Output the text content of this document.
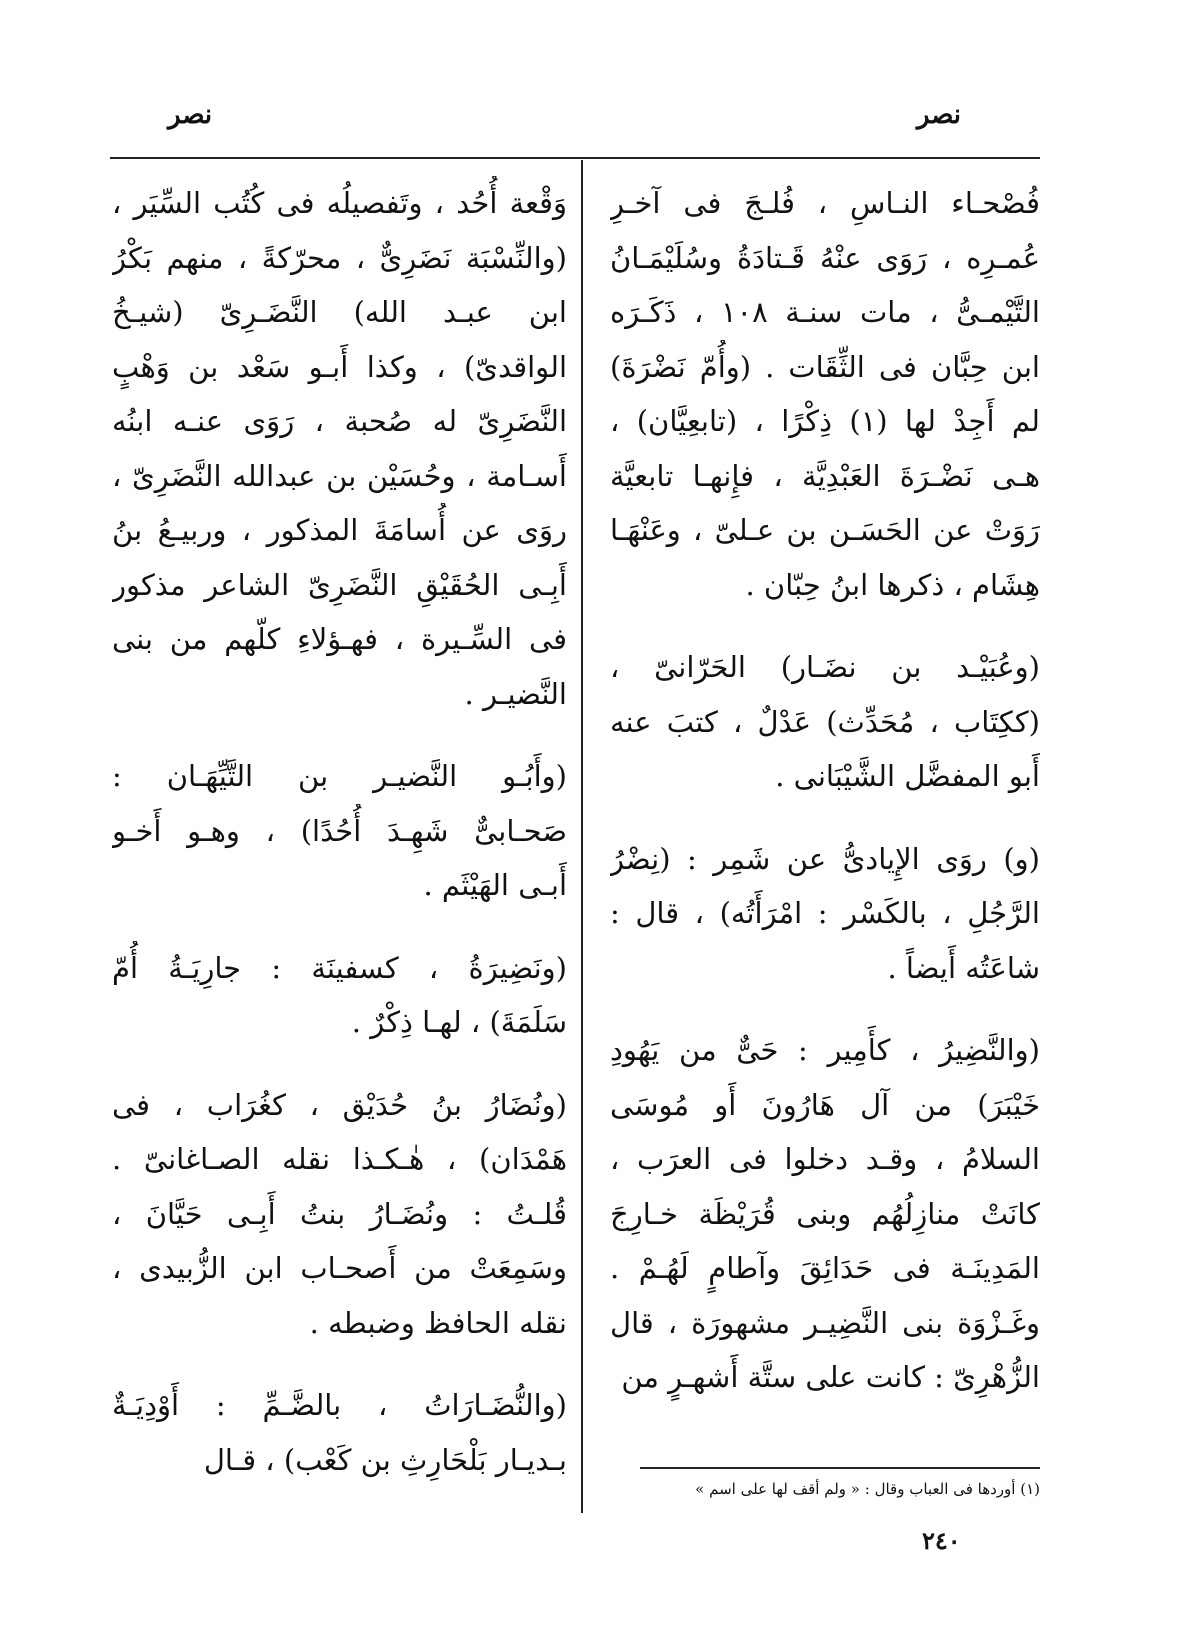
نصر
نصر
فُصْحـاء النـاسِ ، فُلـجَ فى آخـرِ
عُمـرِه ، رَوَى عنْهُ قَـتادَةُ وسُلَيْمَـانُ
التَّيْمـىُّ ، مات سنـة ١٠٨ ، ذَكَـرَه
ابن حِبَّان فى الثِّقَات . (وأُمّ نَضْرَةَ)
لم أَجِدْ لها (١) ذِكْرًا ، (تابعِيَّان) ،
هـى نَضْـرَةَ العَبْدِيَّة ، فإِنهـا تابعيَّة
رَوَتْ عن الحَسَـن بن عـلىّ ، وعَنْهَـا
هِشَام ، ذكرها ابنُ حِبّان .
(وعُبَيْـد بن نضَـار) الحَرّانىّ ،
(ككِتَاب ، مُحَدِّث) عَدْلٌ ، كتبَ عنه
أَبو المفضَّل الشَّيْبَانى .
(و) روَى الإِيادىُّ عن شَمِر : (نِضْرُ
الرَّجُلِ ، بالكَسْر : امْرَأَتُه) ، قال :
شاعَتُه أَيضاً .
(والنَّضِيرُ ، كأَمِير : حَىٌّ من يَهُودِ
خَيْبَرَ) من آل هَارُونَ أَو مُوسَى
السلامُ ، وقـد دخلوا فى العرَب ،
كانَتْ منازِلُهُم وبنى قُرَيْظَة خـارِجَ
المَدِينَـة فى حَدَائِقَ وآطامٍ لَهُـمْ .
وغَـزْوَة بنى النَّضِيـر مشهورَة ، قال
الزُّهْرِىّ : كانت على ستَّة أَشهـرٍ من
وَقْعة أُحُد ، وتَفصيلُه فى كُتُب السِّيَر ،
(والنِّسْبَة نَضَرِىٌّ ، محرّكةً ، منهم بَكْرُ
ابن عبـد الله) النَّضَـرِىّ (شيـخُ
الواقدىّ) ، وكذا أَبـو سَعْد بن وَهْبٍ
النَّضَرِىّ له صُحبة ، رَوَى عنـه ابنُه
أَسـامة ، وحُسَيْن بن عبدالله النَّضَرِىّ ،
روَى عن أُسامَةَ المذكور ، وربيـعُ بنُ
أَبِـى الحُقَيْقِ النَّضَرِىّ الشاعر مذكور
فى السِّـيرة ، فهـؤلاءِ كلّهم من بنى
النَّضيـر .
(وأَبُـو النَّضيـر بن التَّيِّهَـان :
صَحـابىٌّ شَهِـدَ أُحُدًا) ، وهـو أَخـو
أَبـى الهَيْثَم .
(ونَضِيرَةُ ، كسفينَة : جارِيَـةُ أُمّ
سَلَمَةَ) ، لهـا ذِكْرٌ .
(ونُضَارُ بنُ حُدَيْق ، كغُرَاب ، فى
هَمْدَان) ، هٰـكـذا نقله الصـاغانىّ .
قُلـتُ : ونُضَـارُ بنتُ أَبِـى حَيَّانَ ،
وسَمِعَتْ من أَصحـاب ابن الزُّبيدى ،
نقله الحافظ وضبطه .
(والنُّضَـارَاتُ ، بالضَّـمِّ : أَوْدِيَـةٌ
بـديـار بَلْحَارِثِ بن كَعْب) ، قـال
(١) أوردها فى العباب وقال : « ولم أقف لها على اسم »
٢٤٠
